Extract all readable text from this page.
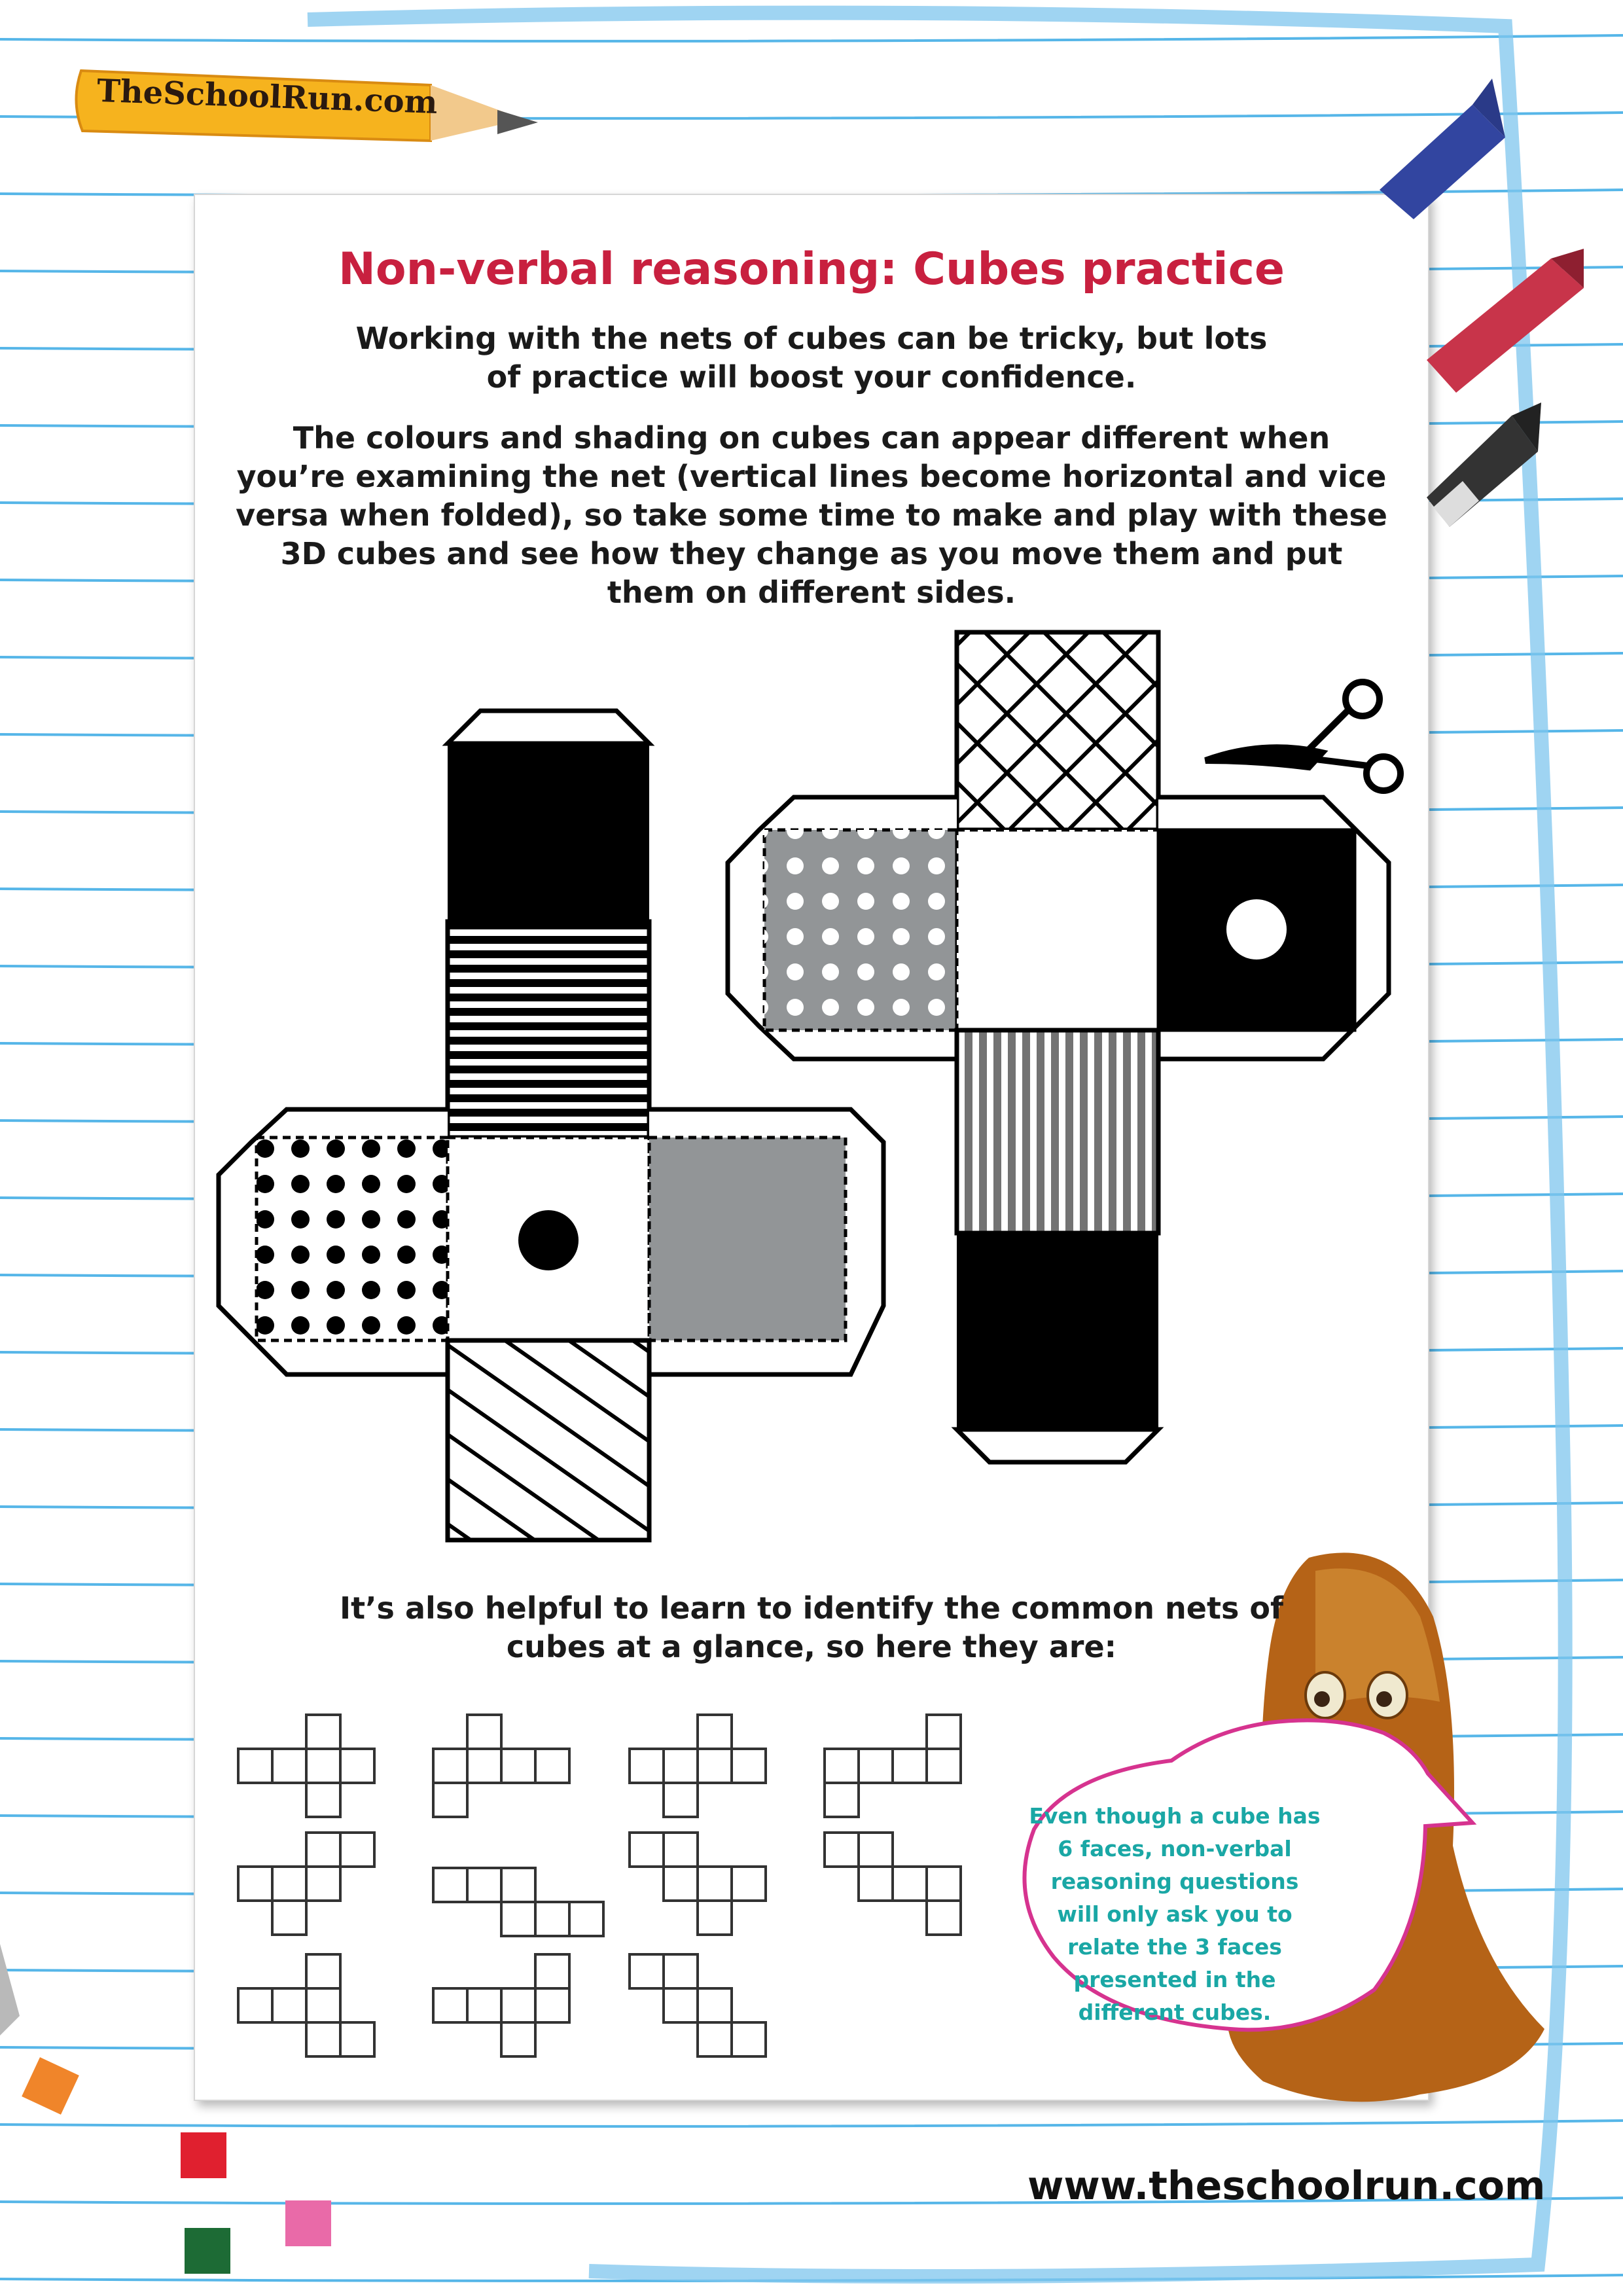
TheSchoolRun.com
Non-verbal reasoning: Cubes practice

Working with the nets of cubes can be tricky, but lots of practice will boost your confidence.

The colours and shading on cubes can appear different when you’re examining the net (vertical lines become horizontal and vice versa when folded), so take some time to make and play with these 3D cubes and see how they change as you move them and put them on different sides.

It’s also helpful to learn to identify the common nets of cubes at a glance, so here they are:

Even though a cube has 6 faces, non-verbal reasoning questions will only ask you to relate the 3 faces presented in the different cubes.

www.theschoolrun.com
